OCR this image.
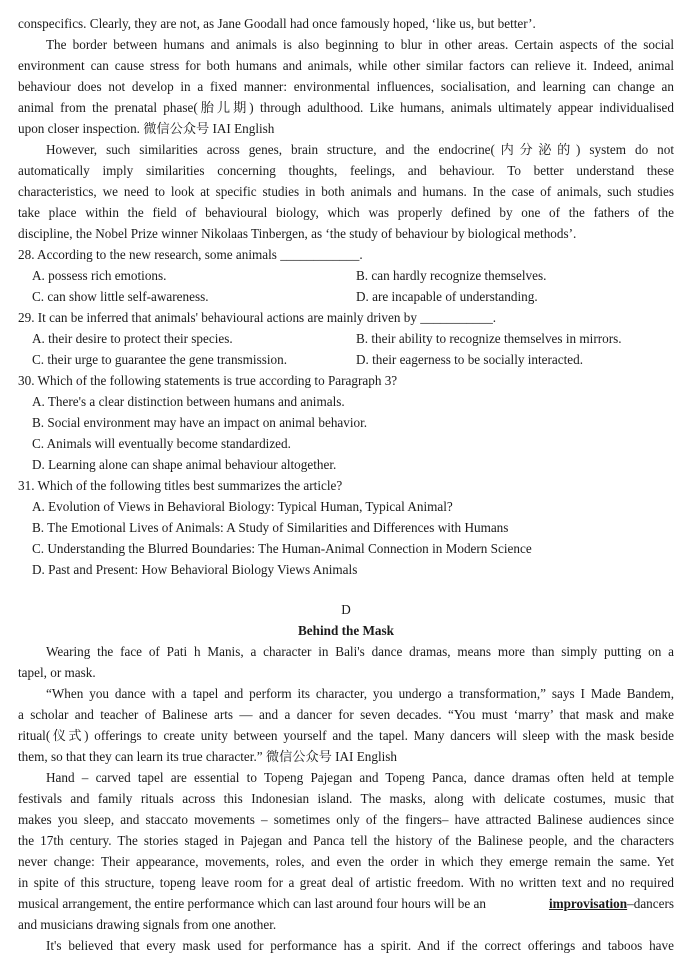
conspecifics. Clearly, they are not, as Jane Goodall had once famously hoped, ‘like us, but better’.
The border between humans and animals is also beginning to blur in other areas. Certain aspects of the social
environment can cause stress for both humans and animals, while other similar factors can relieve it. Indeed, animal
behaviour does not develop in a fixed manner: environmental influences, socialisation, and learning can change an
animal from the prenatal phase(胎儿期) through adulthood. Like humans, animals ultimately appear individualised
upon closer inspection. 微信公众号 IAI English
However, such similarities across genes, brain structure, and the endocrine(内分泌的) system do not
automatically imply similarities concerning thoughts, feelings, and behaviour. To better understand these
characteristics, we need to look at specific studies in both animals and humans. In the case of animals, such studies
take place within the field of behavioural biology, which was properly defined by one of the fathers of the
discipline, the Nobel Prize winner Nikolaas Tinbergen, as ‘the study of behaviour by biological methods’.
28. According to the new research, some animals ____________.
A. possess rich emotions.	B. can hardly recognize themselves.
C. can show little self-awareness.	D. are incapable of understanding.
29. It can be inferred that animals' behavioural actions are mainly driven by ___________.
A. their desire to protect their species.	B. their ability to recognize themselves in mirrors.
C. their urge to guarantee the gene transmission.	D. their eagerness to be socially interacted.
30. Which of the following statements is true according to Paragraph 3?
A. There's a clear distinction between humans and animals.
B. Social environment may have an impact on animal behavior.
C. Animals will eventually become standardized.
D. Learning alone can shape animal behaviour altogether.
31. Which of the following titles best summarizes the article?
A. Evolution of Views in Behavioral Biology: Typical Human, Typical Animal?
B. The Emotional Lives of Animals: A Study of Similarities and Differences with Humans
C. Understanding the Blurred Boundaries: The Human-Animal Connection in Modern Science
D. Past and Present: How Behavioral Biology Views Animals
D
Behind the Mask
Wearing the face of Pati h Manis, a character in Bali's dance dramas, means more than simply putting on a
tapel, or mask.
“When you dance with a tapel and perform its character, you undergo a transformation,” says I Made Bandem,
a scholar and teacher of Balinese arts — and a dancer for seven decades. “You must ‘marry’ that mask and make
ritual(仪式) offerings to create unity between yourself and the tapel. Many dancers will sleep with the mask beside
them, so that they can learn its true character.” 微信公众号 IAI English
Hand – carved tapel are essential to Topeng Pajegan and Topeng Panca, dance dramas often held at temple
festivals and family rituals across this Indonesian island. The masks, along with delicate costumes, music that
makes you sleep, and staccato movements – sometimes only of the fingers– have attracted Balinese audiences since
the 17th century. The stories staged in Pajegan and Panca tell the history of the Balinese people, and the characters
never change: Their appearance, movements, roles, and even the order in which they emerge remain the same. Yet
in spite of this structure, topeng leave room for a great deal of artistic freedom. With no written text and no required
musical arrangement, the entire performance which can last around four hours will be an	improvisation–dancers
and musicians drawing signals from one another.
It's believed that every mask used for performance has a spirit. And if the correct offerings and taboos have
